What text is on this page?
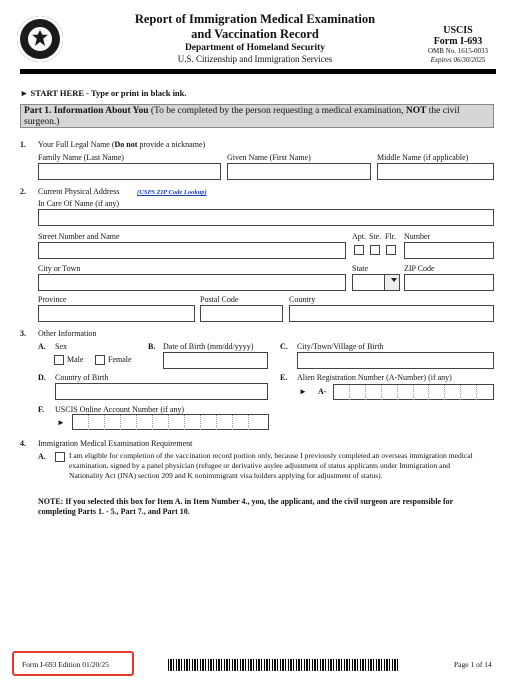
Report of Immigration Medical Examination
and Vaccination Record
Department of Homeland Security
U.S. Citizenship and Immigration Services
USCIS
Form I-693
OMB No. 1615-0033
Expires 06/30/2025
► START HERE - Type or print in black ink.
Part 1. Information About You (To be completed by the person requesting a medical examination, NOT the civil surgeon.)
1. Your Full Legal Name (Do not provide a nickname)
Family Name (Last Name)	Given Name (First Name)	Middle Name (if applicable)
2. Current Physical Address	(USPS ZIP Code Lookup)
In Care Of Name (if any)
Street Number and Name	Apt. Ste. Flr. Number
City or Town	State	ZIP Code
Province	Postal Code	Country
3. Other Information
A. Sex
Male	Female
B. Date of Birth (mm/dd/yyyy)	C. City/Town/Village of Birth
D. Country of Birth	E. Alien Registration Number (A-Number) (if any)
► A-
F. USCIS Online Account Number (if any)
►
4. Immigration Medical Examination Requirement
A.	I am eligible for completion of the vaccination record portion only, because I previously completed an overseas immigration medical examination, signed by a panel physician (refugee or derivative asylee adjustment of status applicants under Immigration and Nationality Act (INA) section 209 and K nonimmigrant visa holders applying for adjustment of status).
NOTE: If you selected this box for Item A. in Item Number 4., you, the applicant, and the civil surgeon are responsible for completing Parts 1. - 5., Part 7., and Part 10.
Form I-693 Edition 01/20/25	Page 1 of 14
